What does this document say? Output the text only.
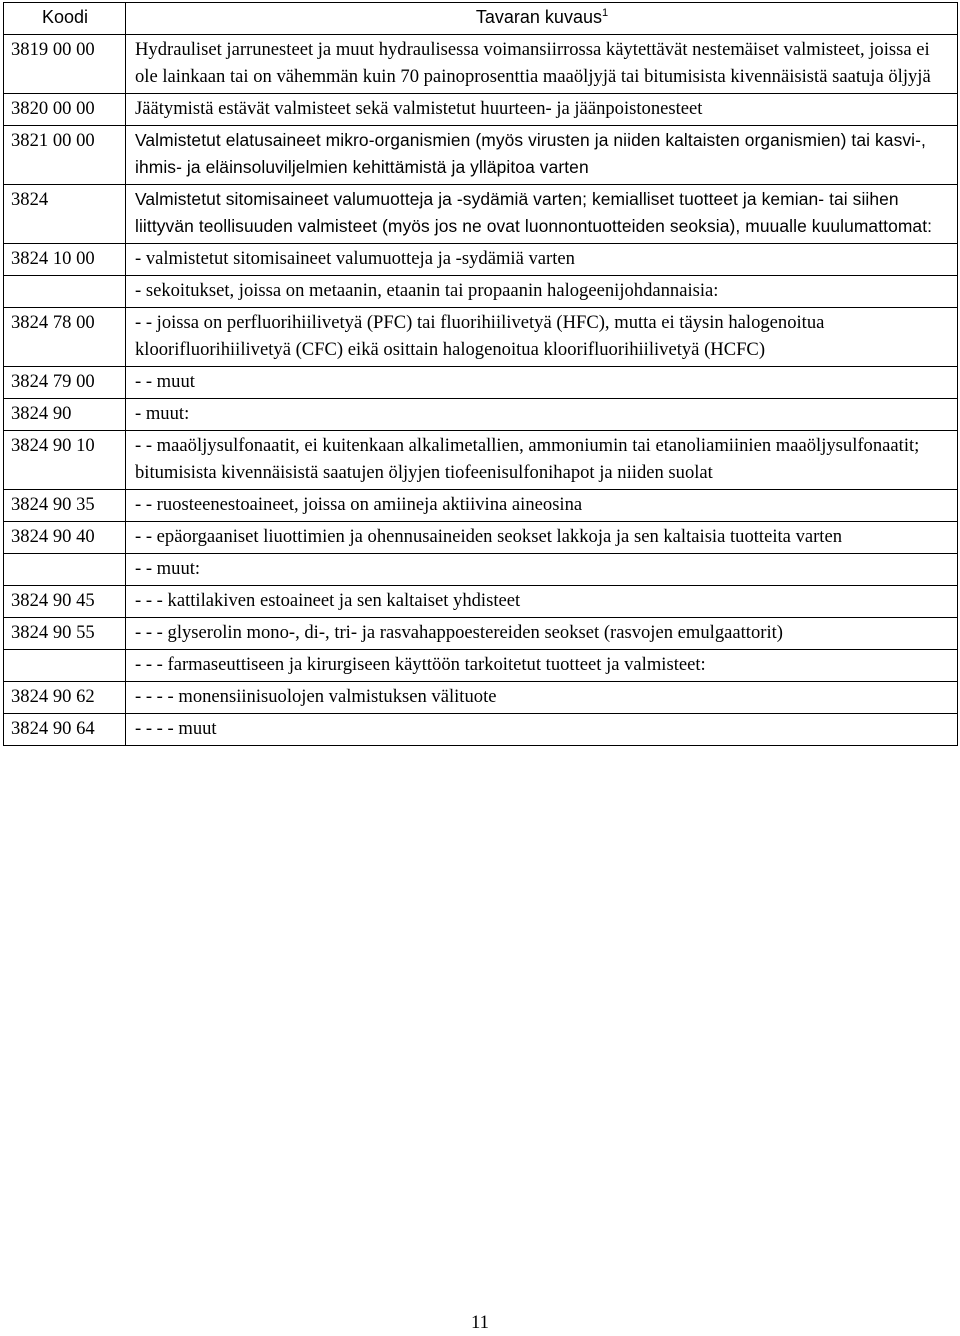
Koodi	Tavaran kuvaus$^1$
3819 00 00	Hydrauliset jarrunesteet ja muut hydraulisessa voimansiirrossa käytettävät nestemäiset valmisteet, joissa ei ole lainkaan tai on vähemmän kuin 70 painoprosenttia maaöljyjä tai bitumisista kivennäisistä saatuja öljyjä
3820 00 00	Jäätymistä estävät valmisteet sekä valmistetut huurteen- ja jäänpoistonesteet
3821 00 00	Valmistetut elatusaineet mikro-organismien (myös virusten ja niiden kaltaisten organismien) tai kasvi-, ihmis- ja eläinsoluviljelmien kehittämistä ja ylläpitoa varten
3824	Valmistetut sitomisaineet valumuotteja ja -sydämiä varten; kemialliset tuotteet ja kemian- tai siihen liittyvän teollisuuden valmisteet (myös jos ne ovat luonnontuotteiden seoksia), muualle kuulumattomat:
3824 10 00	- valmistetut sitomisaineet valumuotteja ja -sydämiä varten
	- sekoitukset, joissa on metaanin, etaanin tai propaanin halogeenijohdannaisia:
3824 78 00	- - joissa on perfluorihiilivetyä (PFC) tai fluorihiilivetyä (HFC), mutta ei täysin halogenoitua kloorifluorihiilivetyä (CFC) eikä osittain halogenoitua kloorifluorihiilivetyä (HCFC)
3824 79 00	- - muut
3824 90	- muut:
3824 90 10	- - maaöljysulfonaatit, ei kuitenkaan alkalimetallien, ammoniumin tai etanoliamiinien maaöljysulfonaatit; bitumisista kivennäisistä saatujen öljyjen tiofeenisulfonihapot ja niiden suolat
3824 90 35	- - ruosteenestoaineet, joissa on amiineja aktiivina aineosina
3824 90 40	- - epäorgaaniset liuottimien ja ohennusaineiden seokset lakkoja ja sen kaltaisia tuotteita varten
	- - muut:
3824 90 45	- - - kattilakiven estoaineet ja sen kaltaiset yhdisteet
3824 90 55	- - - glyserolin mono-, di-, tri- ja rasvahappoestereiden seokset (rasvojen emulgaattorit)
	- - - farmaseuttiseen ja kirurgiseen käyttöön tarkoitetut tuotteet ja valmisteet:
3824 90 62	- - - - monensiinisuolojen valmistuksen välituote
3824 90 64	- - - - muut
11
